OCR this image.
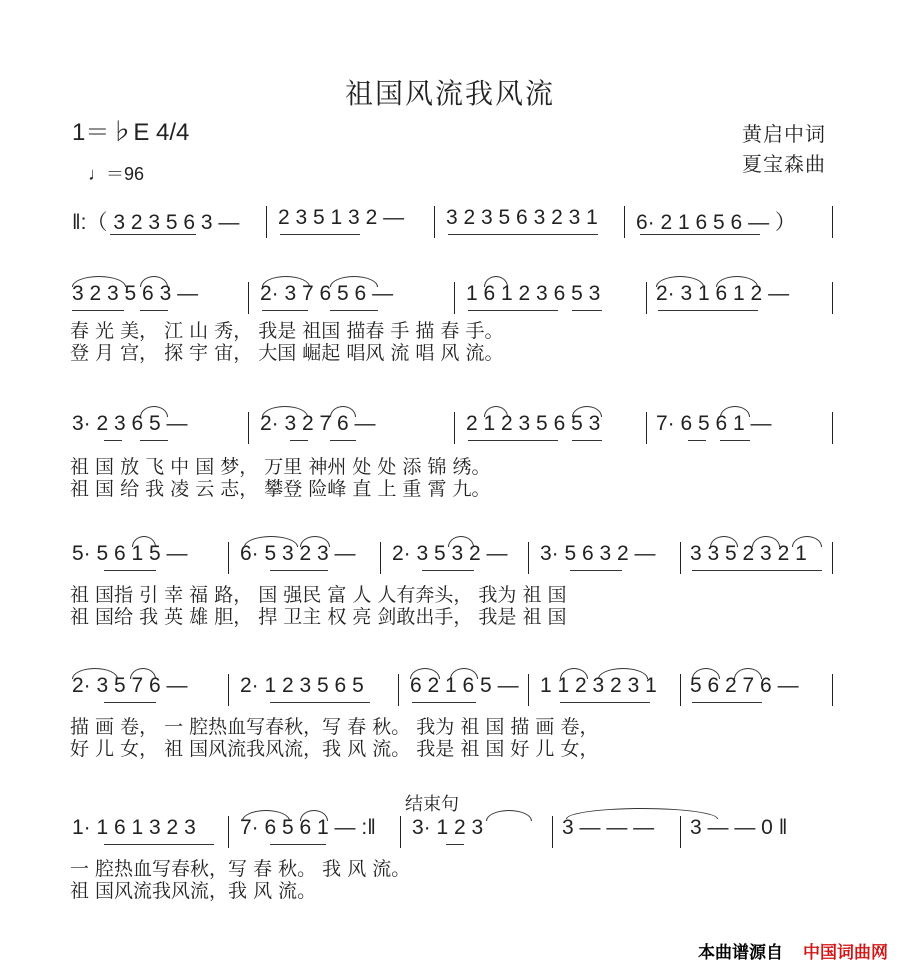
祖国风流我风流
1＝♭E 4/4
♩＝96
黄启中词
夏宝森曲
‖:（ 3 2 3 5 6 3 — 2 3 5 1 3 2 — 3 2 3 5 6 3 2 3 1 6· 2 1 6 5 6 — ）
3 2 3 5 6 3 —	2· 3 7 6 5 6 —	1 6 1 2 3 6 5 3	2· 3 1 6 1 2 —
春 光 美， 江 山 秀， 我是 祖国 描春 手 描 春 手。
登 月 宫， 探 宇 宙， 大国 崛起 唱风 流 唱 风 流。
3· 2 3 6 5 —	2· 3 2 7 6 —	2 1 2 3 5 6 5 3	7· 6 5 6 1 —
祖 国 放 飞 中 国 梦， 万里 神州 处 处 添 锦 绣。
祖 国 给 我 凌 云 志， 攀登 险峰 直 上 重 霄 九。
5· 5 6 1 5 — 6· 5 3 2 3 — 2· 3 5 3 2 — 3· 5 6 3 2 — 3 3 5 2 3 2 1
祖 国指 引 幸 福 路， 国 强民 富 人 人有奔头， 我为 祖 国
祖 国给 我 英 雄 胆， 捍 卫主 权 亮 剑敢出手， 我是 祖 国
2· 3 5 7 6 — 2· 1 2 3 5 6 5 6 2 1 6 5 — 1 1 2 3 2 3 1 5 6 2 7 6 —
描 画 卷， 一 腔热血写春秋，写 春 秋。 我为 祖 国 描 画 卷，
好 儿 女， 祖 国风流我风流，我 风 流。 我是 祖 国 好 儿 女，
结束句
1· 1 6 1 3 2 3 7· 6 5 6 1 — :‖ 3· 1 2 3	3 — — — 3 — — 0 ‖
一 腔热血写春秋，写 春 秋。 我 风 流。
祖 国风流我风流，我 风 流。
本曲谱源自 中国词曲网
